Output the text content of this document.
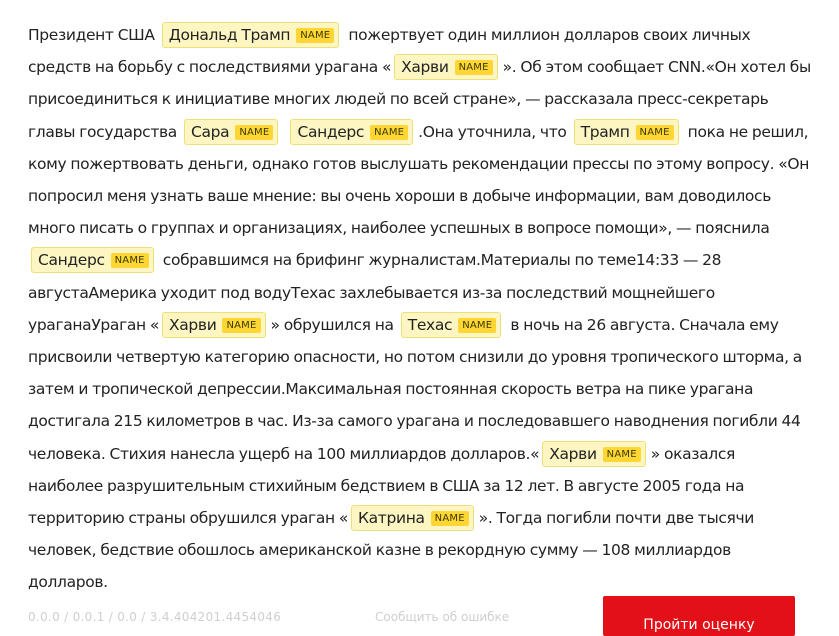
Президент США Дональд Трамп NAME пожертвует один миллион долларов своих личных средств на борьбу с последствиями урагана « Харви NAME ». Об этом сообщает CNN.«Он хотел бы присоединиться к инициативе многих людей по всей стране», — рассказала пресс-секретарь главы государства Сара NAME Сандерс NAME .Она уточнила, что Трамп NAME пока не решил, кому пожертвовать деньги, однако готов выслушать рекомендации прессы по этому вопросу. «Он попросил меня узнать ваше мнение: вы очень хороши в добыче информации, вам доводилось много писать о группах и организациях, наиболее успешных в вопросе помощи», — пояснила Сандерс NAME собравшимся на брифинг журналистам.Материалы по теме14:33 — 28 августаАмерика уходит под водуТехас захлебывается из-за последствий мощнейшего урaганаУраган « Харви NAME » обрушился на Техас NAME в ночь на 26 августа. Сначала ему присвоили четвертую категорию опасности, но потом снизили до уровня тропического шторма, а затем и тропической депрессии.Максимальная постоянная скорость ветра на пике урагана достигала 215 километров в час. Из-за самого урагана и последовавшего наводнения погибли 44 человека. Стихия нанесла ущерб на 100 миллиардов долларов.« Харви NAME » оказался наиболее разрушительным стихийным бедствием в США за 12 лет. В августе 2005 года на территорию страны обрушился ураган « Катрина NAME ». Тогда погибли почти две тысячи человек, бедствие обошлось американской казне в рекордную сумму — 108 миллиардов долларов.
0.0.0 / 0.0.1 / 0.0 / 3.4.404201.4454046	Сообщить об ошибке	Пройти оценку
